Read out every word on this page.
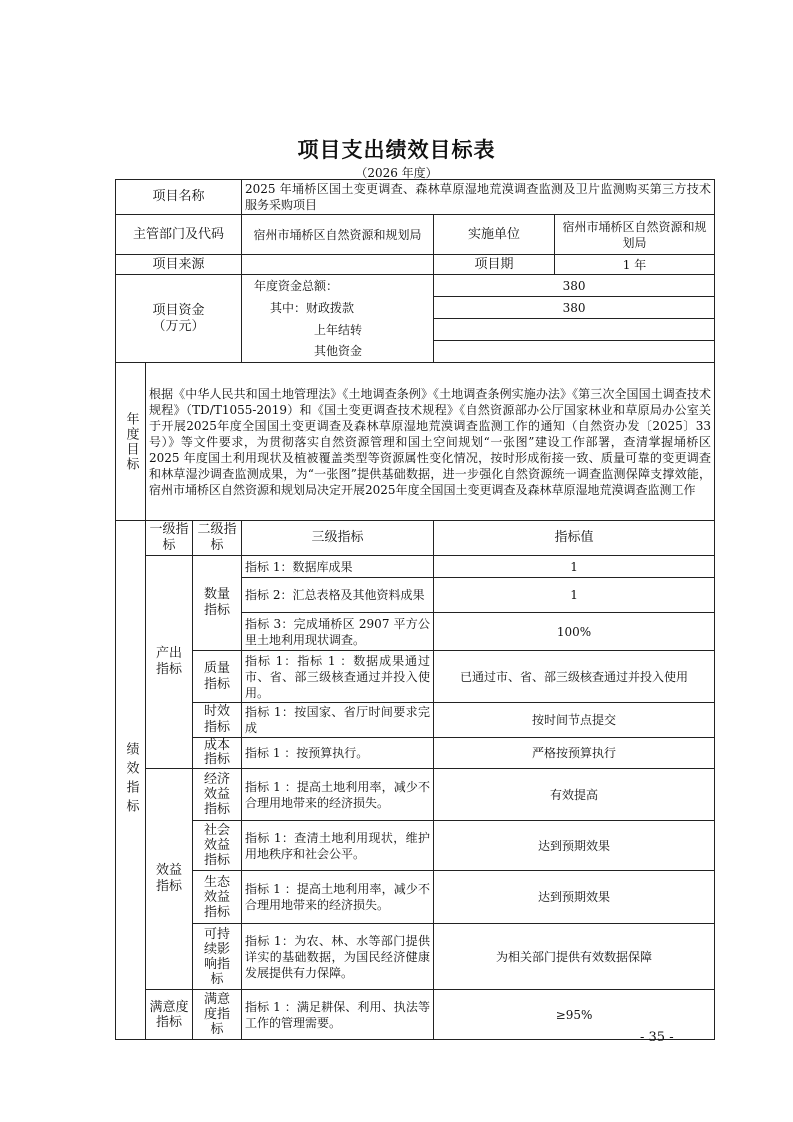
项目支出绩效目标表
（2026 年度）
项目名称			2025 年埇桥区国土变更调查、森林草原湿地荒漠调查监测及卫片监测购买第三方技术服务采购项目		
主管部门及代码			宿州市埇桥区自然资源和规划局	实施单位	宿州市埇桥区自然资源和规划局
项目来源				项目期	1 年
项目资金（万元）			年度资金总额：	380	
			其中：财政拨款	380	
			上年结转		
			其他资金		

年度目标	根据《中华人民共和国土地管理法》《土地调查条例》《土地调查条例实施办法》《第三次全国国土调查技术规程》（TD/T1055-2019）和《国土变更调查技术规程》《自然资源部办公厅国家林业和草原局办公室关于开展2025年度全国国土变更调查及森林草原湿地荒漠调查监测工作的通知（自然资办发〔2025〕33号）》等文件要求，为贯彻落实自然资源管理和国土空间规划“一张图”建设工作部署，查清掌握埇桥区 2025 年度国土利用现状及植被覆盖类型等资源属性变化情况，按时形成衔接一致、质量可靠的变更调查和林草湿沙调查监测成果，为“一张图”提供基础数据，进一步强化自然资源统一调查监测保障支撑效能，宿州市埇桥区自然资源和规划局决定开展2025年度全国国土变更调查及森林草原湿地荒漠调查监测工作				

绩效指标	一级指标	二级指标	三级指标	指标值	
	产出指标	数量指标	指标 1：数据库成果	1	
			指标 2：汇总表格及其他资料成果	1	
			指标 3：完成埇桥区 2907 平方公里土地利用现状调查。	100%	
		质量指标	指标 1：指标 1 ：数据成果通过市、省、部三级核查通过并投入使用。	已通过市、省、部三级核查通过并投入使用	
		时效指标	指标 1：按国家、省厅时间要求完成	按时间节点提交	
		成本指标	指标 1 ：按预算执行。	严格按预算执行	
	效益指标	经济效益指标	指标 1 ：提高土地利用率，减少不合理用地带来的经济损失。	有效提高	
		社会效益指标	指标 1：查清土地利用现状，维护用地秩序和社会公平。	达到预期效果	
		生态效益指标	指标 1 ：提高土地利用率，减少不合理用地带来的经济损失。	达到预期效果	
		可持续影响指标	指标 1：为农、林、水等部门提供详实的基础数据，为国民经济健康发展提供有力保障。	为相关部门提供有效数据保障	
	满意度指标	满意度指标	指标 1 ：满足耕保、利用、执法等工作的管理需要。	≥95%	
- 35 -
